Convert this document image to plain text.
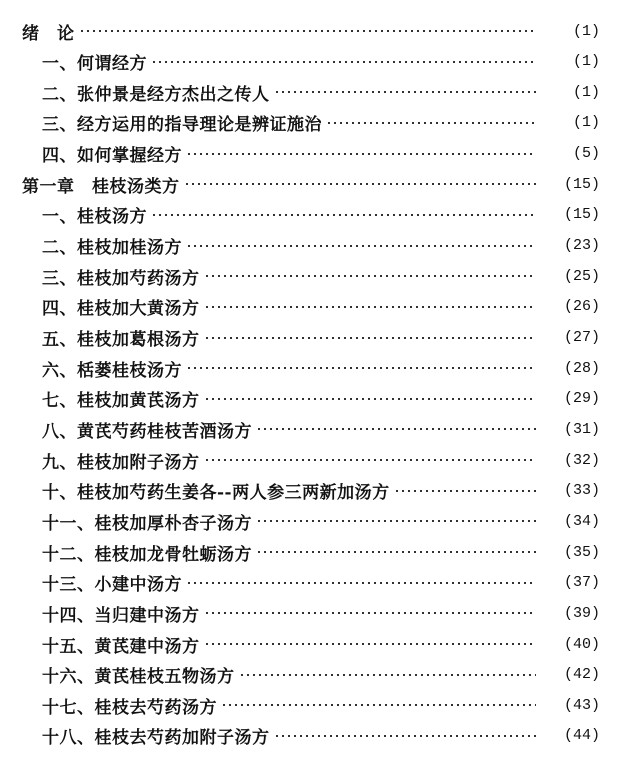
绪　论	(1)
一、何谓经方	(1)
二、张仲景是经方杰出之传人	(1)
三、经方运用的指导理论是辨证施治	(1)
四、如何掌握经方	(5)
第一章　桂枝汤类方	(15)
一、桂枝汤方	(15)
二、桂枝加桂汤方	(23)
三、桂枝加芍药汤方	(25)
四、桂枝加大黄汤方	(26)
五、桂枝加葛根汤方	(27)
六、栝蒌桂枝汤方	(28)
七、桂枝加黄芪汤方	(29)
八、黄芪芍药桂枝苦酒汤方	(31)
九、桂枝加附子汤方	(32)
十、桂枝加芍药生姜各--两人参三两新加汤方	(33)
十一、桂枝加厚朴杏子汤方	(34)
十二、桂枝加龙骨牡蛎汤方	(35)
十三、小建中汤方	(37)
十四、当归建中汤方	(39)
十五、黄芪建中汤方	(40)
十六、黄芪桂枝五物汤方	(42)
十七、桂枝去芍药汤方	(43)
十八、桂枝去芍药加附子汤方	(44)
